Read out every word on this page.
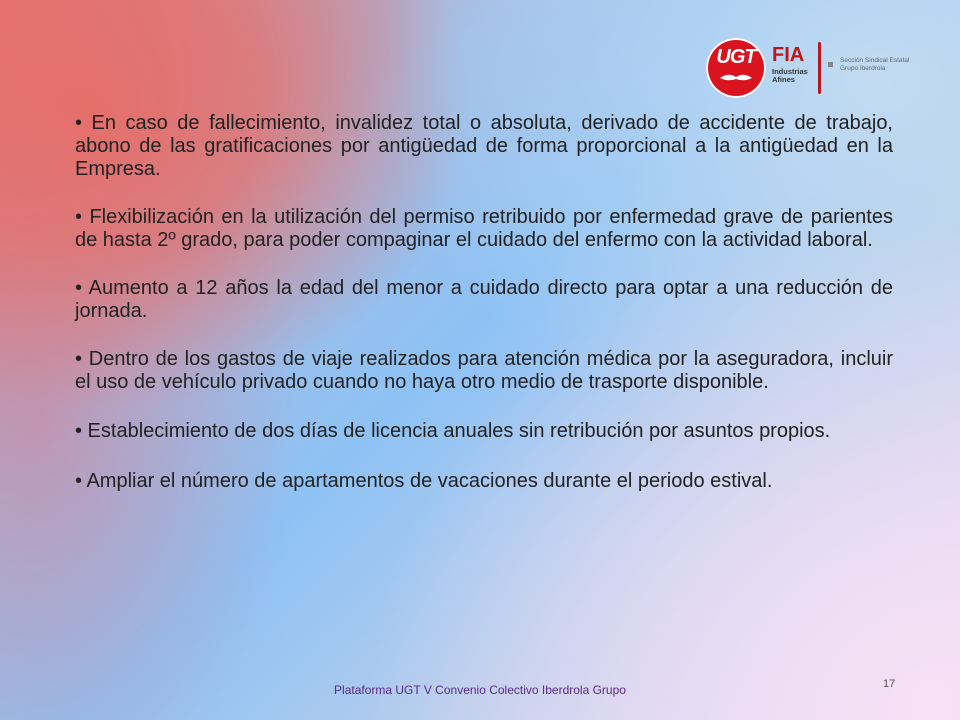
UGT FIA
Industrias
Afines
Sección Sindical Estatal
Grupo Iberdrola

• En caso de fallecimiento, invalidez total o absoluta, derivado de accidente de trabajo, abono de las gratificaciones por antigüedad de forma proporcional a la antigüedad en la Empresa.

• Flexibilización en la utilización del permiso retribuido por enfermedad grave de parientes de hasta 2º grado, para poder compaginar el cuidado del enfermo con la actividad laboral.

• Aumento a 12 años la edad del menor a cuidado directo para optar a una reducción de jornada.

• Dentro de los gastos de viaje realizados para atención médica por la aseguradora, incluir el uso de vehículo privado cuando no haya otro medio de trasporte disponible.

• Establecimiento de dos días de licencia anuales sin retribución por asuntos propios.

• Ampliar el número de apartamentos de vacaciones durante el periodo estival.

Plataforma UGT V Convenio Colectivo Iberdrola Grupo	17
